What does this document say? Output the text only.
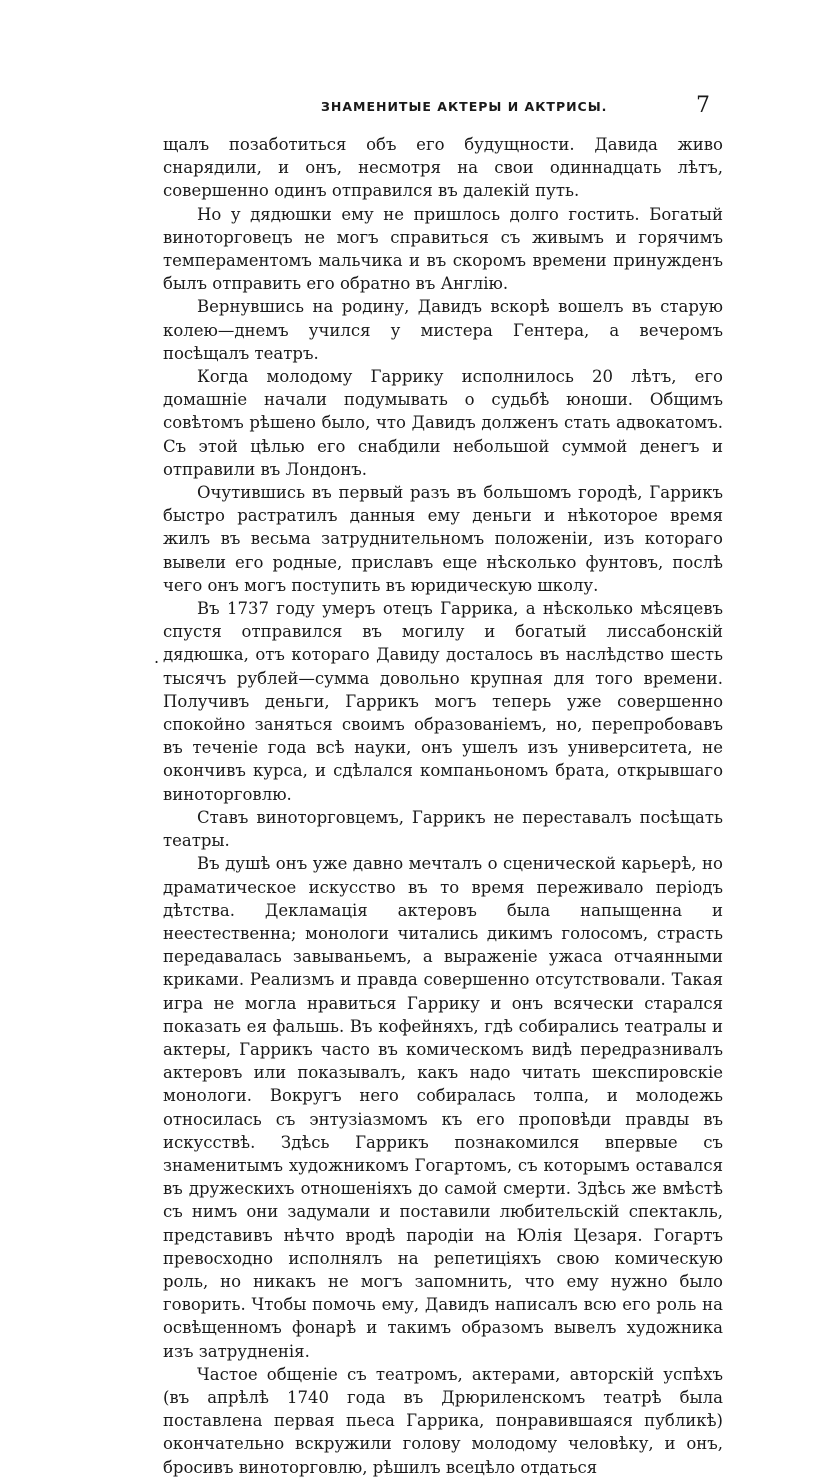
ЗНАМЕНИТЫЕ АКТЕРЫ И АКТРИСЫ.	7

щалъ позаботиться объ его будущности. Давида живо снарядили, и онъ, несмотря на свои одиннадцать лѣтъ, совершенно одинъ отправился въ далекій путь.

Но у дядюшки ему не пришлось долго гостить. Богатый виноторговецъ не могъ справиться съ живымъ и горячимъ темпераментомъ мальчика и въ скоромъ времени принужденъ былъ отправить его обратно въ Англію.

Вернувшись на родину, Давидъ вскорѣ вошелъ въ старую колею—днемъ учился у мистера Гентера, а вечеромъ посѣщалъ театръ.

Когда молодому Гаррику исполнилось 20 лѣтъ, его домашніе начали подумывать о судьбѣ юноши. Общимъ совѣтомъ рѣшено было, что Давидъ долженъ стать адвокатомъ. Съ этой цѣлью его снабдили небольшой суммой денегъ и отправили въ Лондонъ.

Очутившись въ первый разъ въ большомъ городѣ, Гаррикъ быстро растратилъ данныя ему деньги и нѣкоторое время жилъ въ весьма затруднительномъ положеніи, изъ котораго вывели его родные, приславъ еще нѣсколько фунтовъ, послѣ чего онъ могъ поступить въ юридическую школу.

Въ 1737 году умеръ отецъ Гаррика, а нѣсколько мѣсяцевъ спустя отправился въ могилу и богатый лиссабонскій дядюшка, отъ котораго Давиду досталось въ наслѣдство шесть тысячъ рублей—сумма довольно крупная для того времени. Получивъ деньги, Гаррикъ могъ теперь уже совершенно спокойно заняться своимъ образованіемъ, но, перепробовавъ въ теченіе года всѣ науки, онъ ушелъ изъ университета, не окончивъ курса, и сдѣлался компаньономъ брата, открывшаго виноторговлю.

Ставъ виноторговцемъ, Гаррикъ не переставалъ посѣщать театры.

Въ душѣ онъ уже давно мечталъ о сценической карьерѣ, но драматическое искусство въ то время переживало періодъ дѣтства. Декламація актеровъ была напыщенна и неестественна; монологи читались дикимъ голосомъ, страсть передавалась завываньемъ, а выраженіе ужаса отчаянными криками. Реализмъ и правда совершенно отсутствовали. Такая игра не могла нравиться Гаррику и онъ всячески старался показать ея фальшь. Въ кофейняхъ, гдѣ собирались театралы и актеры, Гаррикъ часто въ комическомъ видѣ передразнивалъ актеровъ или показывалъ, какъ надо читать шекспировскіе монологи. Вокругъ него собиралась толпа, и молодежь относилась съ энтузіазмомъ къ его проповѣди правды въ искусствѣ. Здѣсь Гаррикъ познакомился впервые съ знаменитымъ художникомъ Гогартомъ, съ которымъ оставался въ дружескихъ отношеніяхъ до самой смерти. Здѣсь же вмѣстѣ съ нимъ они задумали и поставили любительскій спектакль, представивъ нѣчто вродѣ пародіи на Юлія Цезаря. Гогартъ превосходно исполнялъ на репетиціяхъ свою комическую роль, но никакъ не могъ запомнить, что ему нужно было говорить. Чтобы помочь ему, Давидъ написалъ всю его роль на освѣщенномъ фонарѣ и такимъ образомъ вывелъ художника изъ затрудненія.

Частое общеніе съ театромъ, актерами, авторскій успѣхъ (въ апрѣлѣ 1740 года въ Дрюриленскомъ театрѣ была поставлена первая пьеса Гаррика, понравившаяся публикѣ) окончательно вскружили голову молодому человѣку, и онъ, бросивъ виноторговлю, рѣшилъ всецѣло отдаться

.
